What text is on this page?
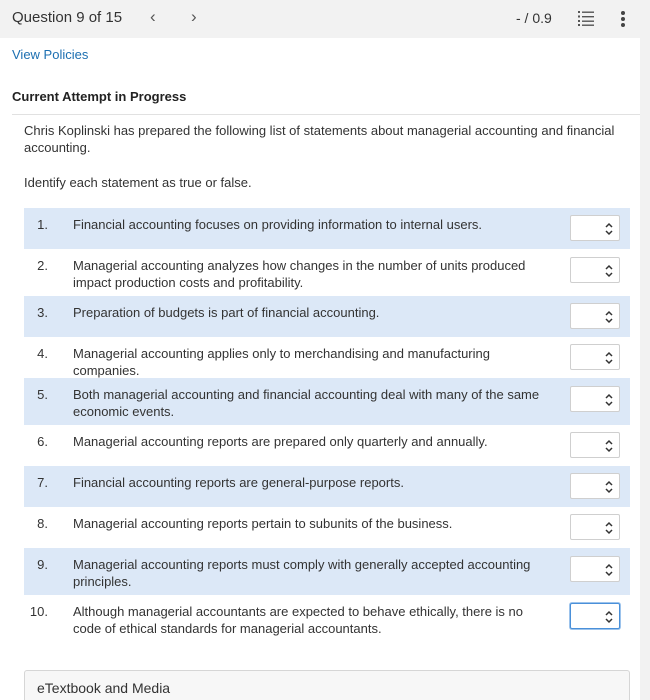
Question 9 of 15 ‹ ›	- / 0.9
View Policies
Current Attempt in Progress
Chris Koplinski has prepared the following list of statements about managerial accounting and financial accounting.
Identify each statement as true or false.
1. Financial accounting focuses on providing information to internal users.
2. Managerial accounting analyzes how changes in the number of units produced impact production costs and profitability.
3. Preparation of budgets is part of financial accounting.
4. Managerial accounting applies only to merchandising and manufacturing companies.
5. Both managerial accounting and financial accounting deal with many of the same economic events.
6. Managerial accounting reports are prepared only quarterly and annually.
7. Financial accounting reports are general-purpose reports.
8. Managerial accounting reports pertain to subunits of the business.
9. Managerial accounting reports must comply with generally accepted accounting principles.
10. Although managerial accountants are expected to behave ethically, there is no code of ethical standards for managerial accountants.
eTextbook and Media
